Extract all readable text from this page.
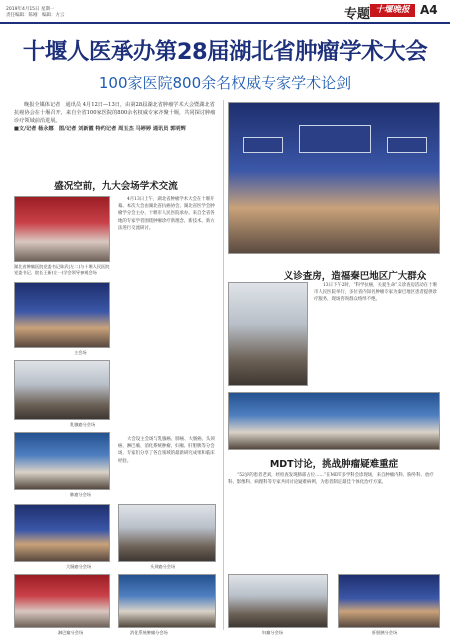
2019年4月15日 星期一
责任编辑：陈刚　编辑：方云	专题 十堰晚报 A4
十堰人医承办第28届湖北省肿瘤学术大会
100家医院800余名权威专家学术论剑
晚报全媒体记者　通讯员 4月12日—13日，由第28届湖北省肿瘤学术大会暨湖北省抗癌协会在十堰召开，来自全省100家医院的800余名权威专家齐聚十堰，共同探讨肿瘤诊疗领域前沿进展。
■文/记者 杨永娜　图/记者 刘新霞 特约记者 周玉杰 马婷婷 通讯员 郭明辉
盛况空前，九大会场学术交流
湖北省肿瘤医院党委书记陈武(左二)与十堰人民医院党委书记、院长王新(左一)学会领导参观会场
主会场
乳腺癌分会场
肺癌分会场
大肠癌分会场
淋巴瘤分会场
4月13日上午，湖北省肿瘤学术大会在十堰开幕。本次大会由湖北省抗癌协会、湖北省医学会肿瘤学分会主办，十堰市人民医院承办。来自全省各地的专家学者围绕肿瘤诊疗新理念、新技术、新方法进行交流研讨。
头颈癌分会场
消化系统肿瘤分会场
大会设主会场与乳腺癌、肺癌、大肠癌、头颈癌、淋巴瘤、消化系统肿瘤、妇瘤、肝胆胰等分会场，专家们分享了各自领域的最新研究成果和临床经验。
义诊查房，造福秦巴地区广大群众
13日下午2时，“科学抗癌，关爱生命”义诊查房活动在十堰市人民医院举行，多位省内知名肿瘤专家为秦巴地区患者提供诊疗服务，现场咨询群众络绎不绝。
MDT讨论，挑战肿瘤疑难重症
“52岁的患者老刘，经检查发现肺部占位……”在MDT多学科会诊现场，来自肿瘤内科、胸外科、放疗科、影像科、病理科等专家共同讨论疑难病例，为患者制定最佳个体化治疗方案。
妇瘤分会场	肝胆胰分会场
